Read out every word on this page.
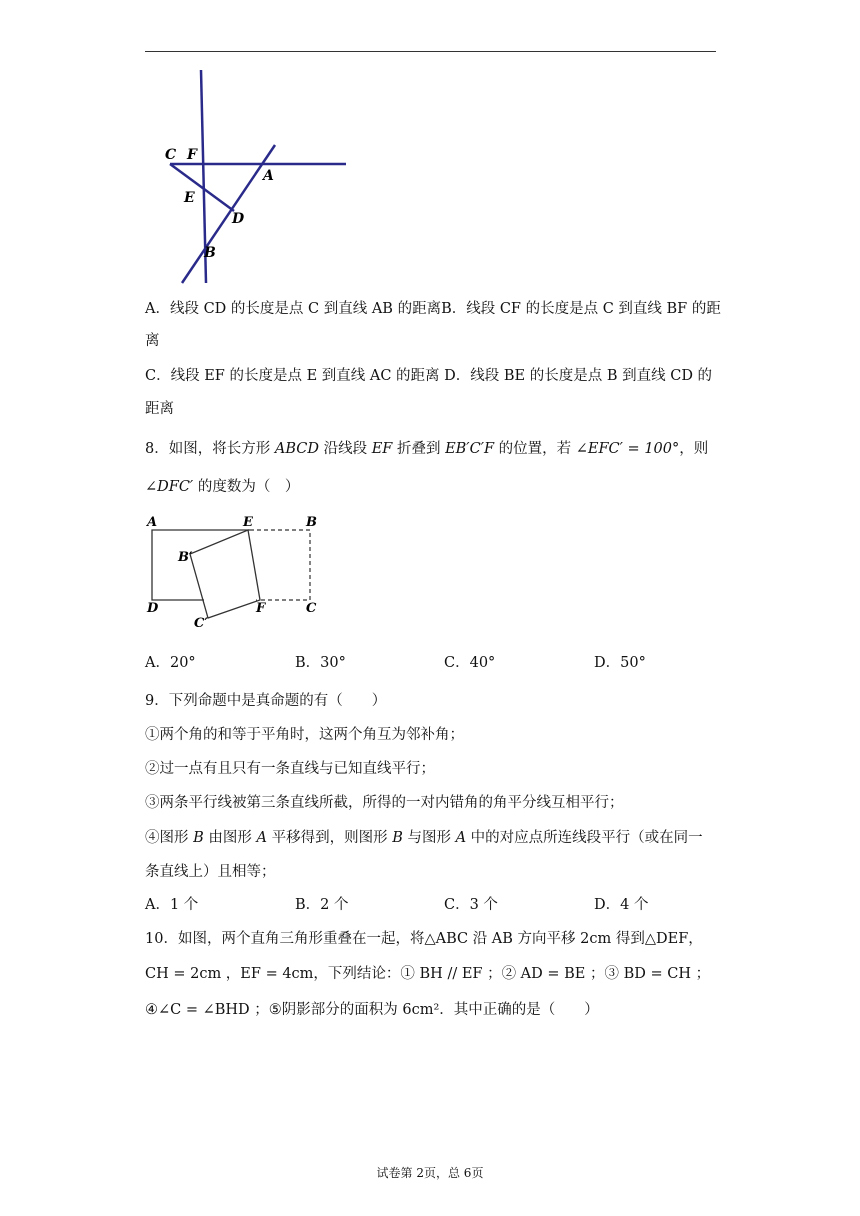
C F
A
E
D
B
A．线段 CD 的长度是点 C 到直线 AB 的距离B．线段 CF 的长度是点 C 到直线 BF 的距
离
C．线段 EF 的长度是点 E 到直线 AC 的距离 D．线段 BE 的长度是点 B 到直线 CD 的
距离
8．如图，将长方形 ABCD 沿线段 EF 折叠到 EB′C′F 的位置，若 ∠EFC′ = 100°，则
∠DFC′ 的度数为（　）
A	E	B
B′
D	F	C
C′
A．20°	B．30°	C．40°	D．50°
9．下列命题中是真命题的有（　　）
①两个角的和等于平角时，这两个角互为邻补角；
②过一点有且只有一条直线与已知直线平行；
③两条平行线被第三条直线所截，所得的一对内错角的角平分线互相平行；
④图形 B 由图形 A 平移得到，则图形 B 与图形 A 中的对应点所连线段平行（或在同一
条直线上）且相等；
A．1 个	B．2 个	C．3 个	D．4 个
10．如图，两个直角三角形重叠在一起，将△ABC 沿 AB 方向平移 2cm 得到△DEF，
CH = 2cm ，EF = 4cm，下列结论：① BH // EF ；② AD = BE ；③ BD = CH ；
④∠C = ∠BHD ；⑤阴影部分的面积为 6cm²．其中正确的是（　　）
试卷第 2页，总 6页
